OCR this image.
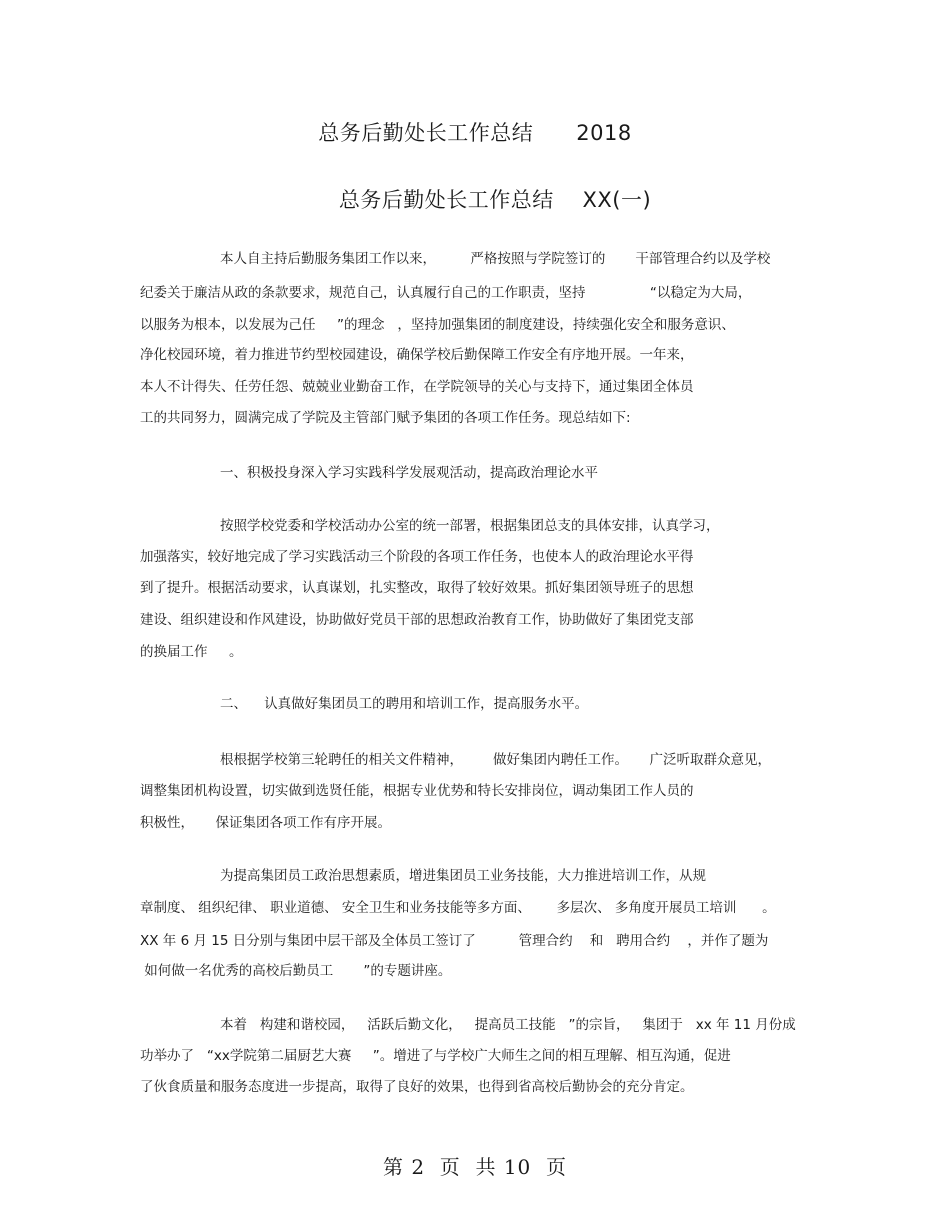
总务后勤处长工作总结      2018
总务后勤处长工作总结    XX(一)
本人自主持后勤服务集团工作以来，        严格按照与学院签订的       干部管理合约以及学校
纪委关于廉洁从政的条款要求，规范自己，认真履行自己的工作职责，坚持               “以稳定为大局，
以服务为根本，以发展为己任     ”的理念   ，坚持加强集团的制度建设，持续强化安全和服务意识、
净化校园环境，着力推进节约型校园建设，确保学校后勤保障工作安全有序地开展。一年来，
本人不计得失、任劳任怨、兢兢业业勤奋工作，在学院领导的关心与支持下，通过集团全体员
工的共同努力，圆满完成了学院及主管部门赋予集团的各项工作任务。现总结如下:
一、积极投身深入学习实践科学发展观活动，提高政治理论水平
按照学校党委和学校活动办公室的统一部署，根据集团总支的具体安排，认真学习，
加强落实，较好地完成了学习实践活动三个阶段的各项工作任务，也使本人的政治理论水平得
到了提升。根据活动要求，认真谋划，扎实整改，取得了较好效果。抓好集团领导班子的思想
建设、组织建设和作风建设，协助做好党员干部的思想政治教育工作，协助做好了集团党支部
的换届工作     。
二、    认真做好集团员工的聘用和培训工作，提高服务水平。
根根据学校第三轮聘任的相关文件精神，       做好集团内聘任工作。     广泛听取群众意见，
调整集团机构设置，切实做到选贤任能，根据专业优势和特长安排岗位，调动集团工作人员的
积极性，     保证集团各项工作有序开展。
为提高集团员工政治思想素质，增进集团员工业务技能，大力推进培训工作，从规
章制度、 组织纪律、 职业道德、 安全卫生和业务技能等多方面、      多层次、 多角度开展员工培训      。
XX 年 6 月 15 日分别与集团中层干部及全体员工签订了          管理合约    和   聘用合约    ，并作了题为
如何做一名优秀的高校后勤员工       ”的专题讲座。
本着   构建和谐校园，   活跃后勤文化，   提高员工技能   ”的宗旨，   集团于   xx 年 11 月份成
功举办了   “xx学院第二届厨艺大赛     ”。增进了与学校广大师生之间的相互理解、相互沟通，促进
了伙食质量和服务态度进一步提高，取得了良好的效果，也得到省高校后勤协会的充分肯定。
第 2  页  共 10  页
